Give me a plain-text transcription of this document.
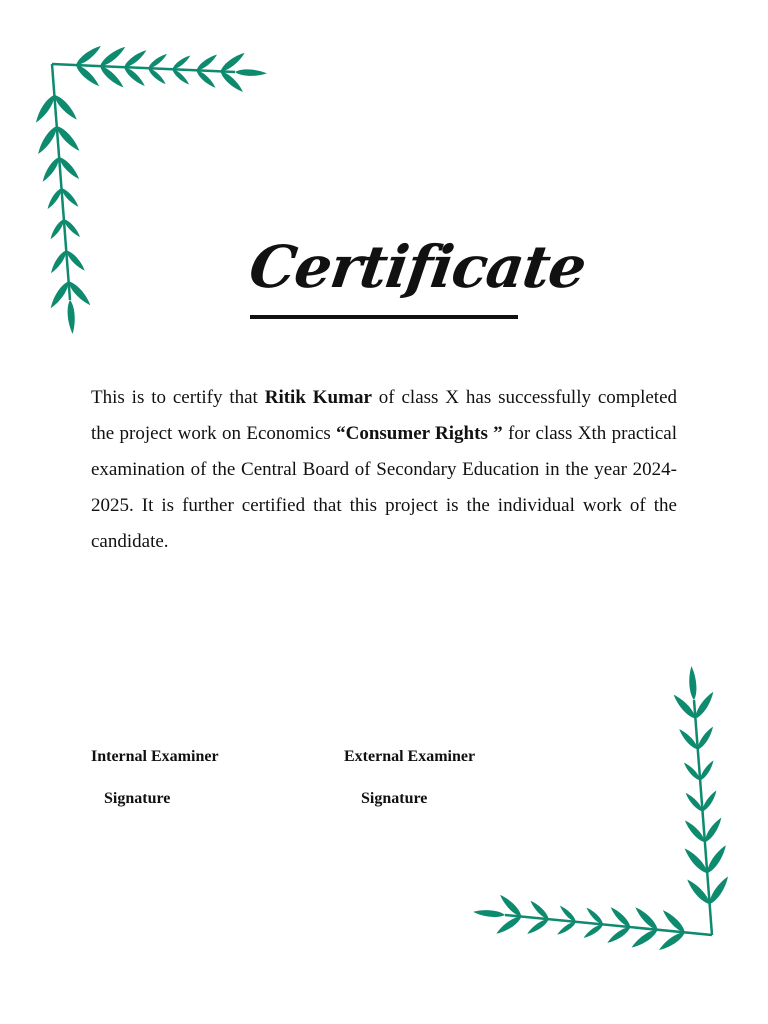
Certificate

This is to certify that Ritik Kumar of class X has successfully completed the project work on Economics “Consumer Rights ” for class Xth practical examination of the Central Board of Secondary Education in the year 2024-2025. It is further certified that this project is the individual work of the candidate.

Internal Examiner
Signature
External Examiner
Signature
